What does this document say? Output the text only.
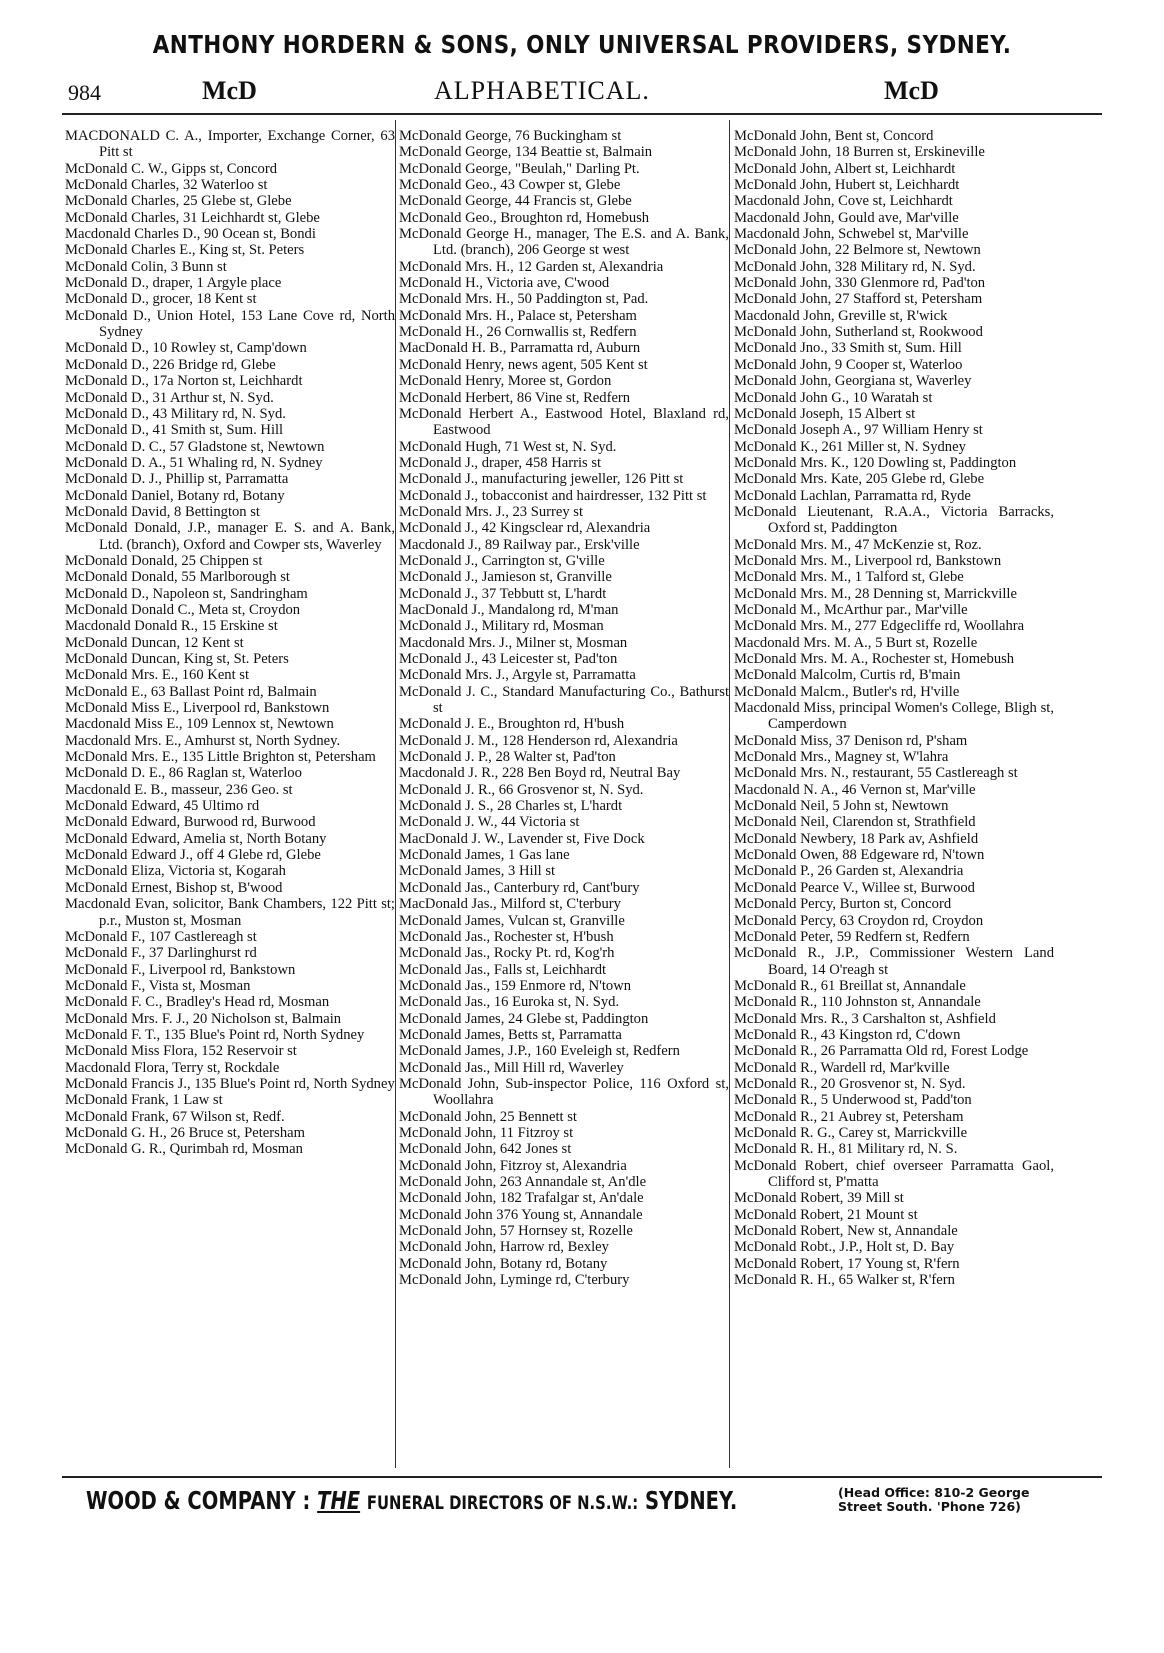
ANTHONY HORDERN & SONS, ONLY UNIVERSAL PROVIDERS, SYDNEY.
984	McD	ALPHABETICAL.	McD
MACDONALD C. A., Importer, Exchange Corner, 63 Pitt st
McDonald C. W., Gipps st, Concord
McDonald Charles, 32 Waterloo st
McDonald Charles, 25 Glebe st, Glebe
McDonald Charles, 31 Leichhardt st, Glebe
Macdonald Charles D., 90 Ocean st, Bondi
McDonald Charles E., King st, St. Peters
McDonald Colin, 3 Bunn st
McDonald D., draper, 1 Argyle place
McDonald D., grocer, 18 Kent st
McDonald D., Union Hotel, 153 Lane Cove rd, North Sydney
McDonald D., 10 Rowley st, Camp'down
McDonald D., 226 Bridge rd, Glebe
McDonald D., 17a Norton st, Leichhardt
McDonald D., 31 Arthur st, N. Syd.
McDonald D., 43 Military rd, N. Syd.
McDonald D., 41 Smith st, Sum. Hill
McDonald D. C., 57 Gladstone st, Newtown
McDonald D. A., 51 Whaling rd, N. Sydney
McDonald D. J., Phillip st, Parramatta
McDonald Daniel, Botany rd, Botany
McDonald David, 8 Bettington st
McDonald Donald, J.P., manager E. S. and A. Bank, Ltd. (branch), Oxford and Cowper sts, Waverley
McDonald Donald, 25 Chippen st
McDonald Donald, 55 Marlborough st
McDonald D., Napoleon st, Sandringham
McDonald Donald C., Meta st, Croydon
Macdonald Donald R., 15 Erskine st
McDonald Duncan, 12 Kent st
McDonald Duncan, King st, St. Peters
McDonald Mrs. E., 160 Kent st
McDonald E., 63 Ballast Point rd, Balmain
McDonald Miss E., Liverpool rd, Bankstown
Macdonald Miss E., 109 Lennox st, Newtown
Macdonald Mrs. E., Amhurst st, North Sydney.
McDonald Mrs. E., 135 Little Brighton st, Petersham
McDonald D. E., 86 Raglan st, Waterloo
Macdonald E. B., masseur, 236 Geo. st
McDonald Edward, 45 Ultimo rd
McDonald Edward, Burwood rd, Burwood
McDonald Edward, Amelia st, North Botany
McDonald Edward J., off 4 Glebe rd, Glebe
McDonald Eliza, Victoria st, Kogarah
McDonald Ernest, Bishop st, B'wood
Macdonald Evan, solicitor, Bank Chambers, 122 Pitt st; p.r., Muston st, Mosman
McDonald F., 107 Castlereagh st
McDonald F., 37 Darlinghurst rd
McDonald F., Liverpool rd, Bankstown
McDonald F., Vista st, Mosman
McDonald F. C., Bradley's Head rd, Mosman
McDonald Mrs. F. J., 20 Nicholson st, Balmain
McDonald F. T., 135 Blue's Point rd, North Sydney
McDonald Miss Flora, 152 Reservoir st
Macdonald Flora, Terry st, Rockdale
McDonald Francis J., 135 Blue's Point rd, North Sydney
McDonald Frank, 1 Law st
McDonald Frank, 67 Wilson st, Redf.
McDonald G. H., 26 Bruce st, Petersham
McDonald G. R., Qurimbah rd, Mosman
McDonald George, 76 Buckingham st
McDonald George, 134 Beattie st, Balmain
McDonald George, "Beulah," Darling Pt.
McDonald Geo., 43 Cowper st, Glebe
McDonald George, 44 Francis st, Glebe
McDonald Geo., Broughton rd, Homebush
McDonald George H., manager, The E.S. and A. Bank, Ltd. (branch), 206 George st west
McDonald Mrs. H., 12 Garden st, Alexandria
McDonald H., Victoria ave, C'wood
McDonald Mrs. H., 50 Paddington st, Pad.
McDonald Mrs. H., Palace st, Petersham
McDonald H., 26 Cornwallis st, Redfern
MacDonald H. B., Parramatta rd, Auburn
McDonald Henry, news agent, 505 Kent st
McDonald Henry, Moree st, Gordon
McDonald Herbert, 86 Vine st, Redfern
McDonald Herbert A., Eastwood Hotel, Blaxland rd, Eastwood
McDonald Hugh, 71 West st, N. Syd.
McDonald J., draper, 458 Harris st
McDonald J., manufacturing jeweller, 126 Pitt st
McDonald J., tobacconist and hairdresser, 132 Pitt st
McDonald Mrs. J., 23 Surrey st
McDonald J., 42 Kingsclear rd, Alexandria
Macdonald J., 89 Railway par., Ersk'ville
McDonald J., Carrington st, G'ville
McDonald J., Jamieson st, Granville
McDonald J., 37 Tebbutt st, L'hardt
MacDonald J., Mandalong rd, M'man
McDonald J., Military rd, Mosman
Macdonald Mrs. J., Milner st, Mosman
McDonald J., 43 Leicester st, Pad'ton
McDonald Mrs. J., Argyle st, Parramatta
McDonald J. C., Standard Manufacturing Co., Bathurst st
McDonald J. E., Broughton rd, H'bush
McDonald J. M., 128 Henderson rd, Alexandria
McDonald J. P., 28 Walter st, Pad'ton
Macdonald J. R., 228 Ben Boyd rd, Neutral Bay
McDonald J. R., 66 Grosvenor st, N. Syd.
McDonald J. S., 28 Charles st, L'hardt
McDonald J. W., 44 Victoria st
MacDonald J. W., Lavender st, Five Dock
McDonald James, 1 Gas lane
McDonald James, 3 Hill st
McDonald Jas., Canterbury rd, Cant'bury
MacDonald Jas., Milford st, C'terbury
McDonald James, Vulcan st, Granville
McDonald Jas., Rochester st, H'bush
McDonald Jas., Rocky Pt. rd, Kog'rh
McDonald Jas., Falls st, Leichhardt
McDonald Jas., 159 Enmore rd, N'town
McDonald Jas., 16 Euroka st, N. Syd.
McDonald James, 24 Glebe st, Paddington
McDonald James, Betts st, Parramatta
McDonald James, J.P., 160 Eveleigh st, Redfern
McDonald Jas., Mill Hill rd, Waverley
McDonald John, Sub-inspector Police, 116 Oxford st, Woollahra
McDonald John, 25 Bennett st
McDonald John, 11 Fitzroy st
McDonald John, 642 Jones st
McDonald John, Fitzroy st, Alexandria
McDonald John, 263 Annandale st, An'dle
McDonald John, 182 Trafalgar st, An'dale
McDonald John 376 Young st, Annandale
McDonald John, 57 Hornsey st, Rozelle
McDonald John, Harrow rd, Bexley
McDonald John, Botany rd, Botany
McDonald John, Lyminge rd, C'terbury
McDonald John, Bent st, Concord
McDonald John, 18 Burren st, Erskineville
McDonald John, Albert st, Leichhardt
McDonald John, Hubert st, Leichhardt
Macdonald John, Cove st, Leichhardt
Macdonald John, Gould ave, Mar'ville
Macdonald John, Schwebel st, Mar'ville
McDonald John, 22 Belmore st, Newtown
McDonald John, 328 Military rd, N. Syd.
McDonald John, 330 Glenmore rd, Pad'ton
McDonald John, 27 Stafford st, Petersham
Macdonald John, Greville st, R'wick
McDonald John, Sutherland st, Rookwood
McDonald Jno., 33 Smith st, Sum. Hill
McDonald John, 9 Cooper st, Waterloo
McDonald John, Georgiana st, Waverley
McDonald John G., 10 Waratah st
McDonald Joseph, 15 Albert st
McDonald Joseph A., 97 William Henry st
McDonald K., 261 Miller st, N. Sydney
McDonald Mrs. K., 120 Dowling st, Paddington
McDonald Mrs. Kate, 205 Glebe rd, Glebe
McDonald Lachlan, Parramatta rd, Ryde
McDonald Lieutenant, R.A.A., Victoria Barracks, Oxford st, Paddington
McDonald Mrs. M., 47 McKenzie st, Roz.
McDonald Mrs. M., Liverpool rd, Bankstown
McDonald Mrs. M., 1 Talford st, Glebe
McDonald Mrs. M., 28 Denning st, Marrickville
McDonald M., McArthur par., Mar'ville
McDonald Mrs. M., 277 Edgecliffe rd, Woollahra
Macdonald Mrs. M. A., 5 Burt st, Rozelle
McDonald Mrs. M. A., Rochester st, Homebush
McDonald Malcolm, Curtis rd, B'main
McDonald Malcm., Butler's rd, H'ville
Macdonald Miss, principal Women's College, Bligh st, Camperdown
McDonald Miss, 37 Denison rd, P'sham
McDonald Mrs., Magney st, W'lahra
McDonald Mrs. N., restaurant, 55 Castlereagh st
Macdonald N. A., 46 Vernon st, Mar'ville
McDonald Neil, 5 John st, Newtown
McDonald Neil, Clarendon st, Strathfield
McDonald Newbery, 18 Park av, Ashfield
McDonald Owen, 88 Edgeware rd, N'town
McDonald P., 26 Garden st, Alexandria
McDonald Pearce V., Willee st, Burwood
McDonald Percy, Burton st, Concord
McDonald Percy, 63 Croydon rd, Croydon
McDonald Peter, 59 Redfern st, Redfern
McDonald R., J.P., Commissioner Western Land Board, 14 O'reagh st
McDonald R., 61 Breillat st, Annandale
McDonald R., 110 Johnston st, Annandale
McDonald Mrs. R., 3 Carshalton st, Ashfield
McDonald R., 43 Kingston rd, C'down
McDonald R., 26 Parramatta Old rd, Forest Lodge
McDonald R., Wardell rd, Mar'kville
McDonald R., 20 Grosvenor st, N. Syd.
McDonald R., 5 Underwood st, Padd'ton
McDonald R., 21 Aubrey st, Petersham
McDonald R. G., Carey st, Marrickville
McDonald R. H., 81 Military rd, N. S.
McDonald Robert, chief overseer Parramatta Gaol, Clifford st, P'matta
McDonald Robert, 39 Mill st
McDonald Robert, 21 Mount st
McDonald Robert, New st, Annandale
McDonald Robt., J.P., Holt st, D. Bay
McDonald Robert, 17 Young st, R'fern
McDonald R. H., 65 Walker st, R'fern
WOOD & COMPANY : THE FUNERAL DIRECTORS OF N.S.W.: SYDNEY.	(Head Office: 810-2 George
Street South. 'Phone 726)
